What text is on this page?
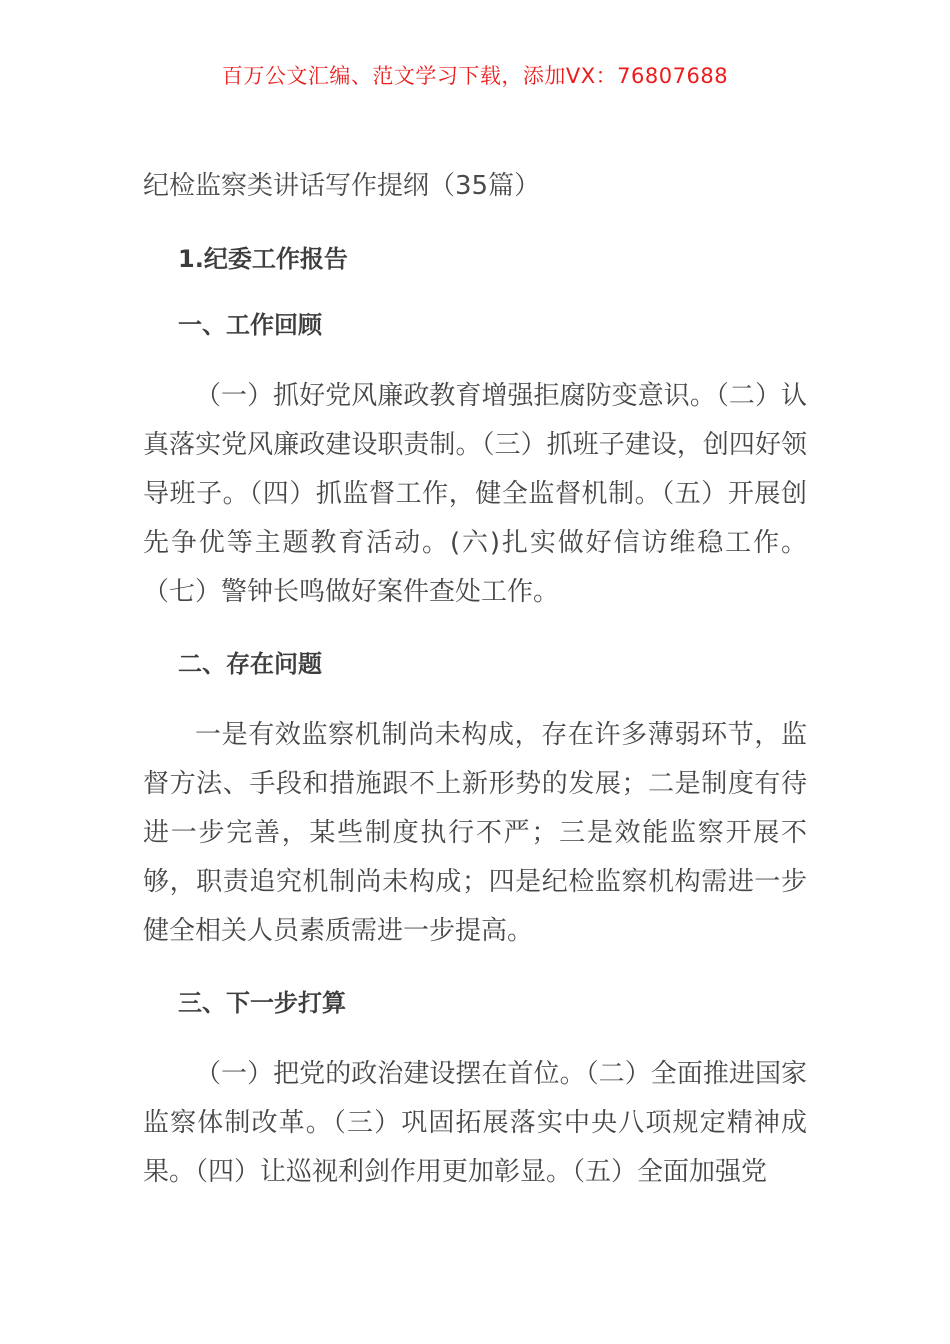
百万公文汇编、范文学习下载，添加VX：76807688
纪检监察类讲话写作提纲（35篇）
1.纪委工作报告
一、工作回顾
（一）抓好党风廉政教育增强拒腐防变意识。（二）认真落实党风廉政建设职责制。（三）抓班子建设，创四好领导班子。（四）抓监督工作，健全监督机制。（五）开展创先争优等主题教育活动。(六)扎实做好信访维稳工作。（七）警钟长鸣做好案件查处工作。
二、存在问题
一是有效监察机制尚未构成，存在许多薄弱环节，监督方法、手段和措施跟不上新形势的发展；二是制度有待进一步完善，某些制度执行不严；三是效能监察开展不够，职责追究机制尚未构成；四是纪检监察机构需进一步健全相关人员素质需进一步提高。
三、下一步打算
（一）把党的政治建设摆在首位。（二）全面推进国家监察体制改革。（三）巩固拓展落实中央八项规定精神成果。（四）让巡视利剑作用更加彰显。（五）全面加强党
